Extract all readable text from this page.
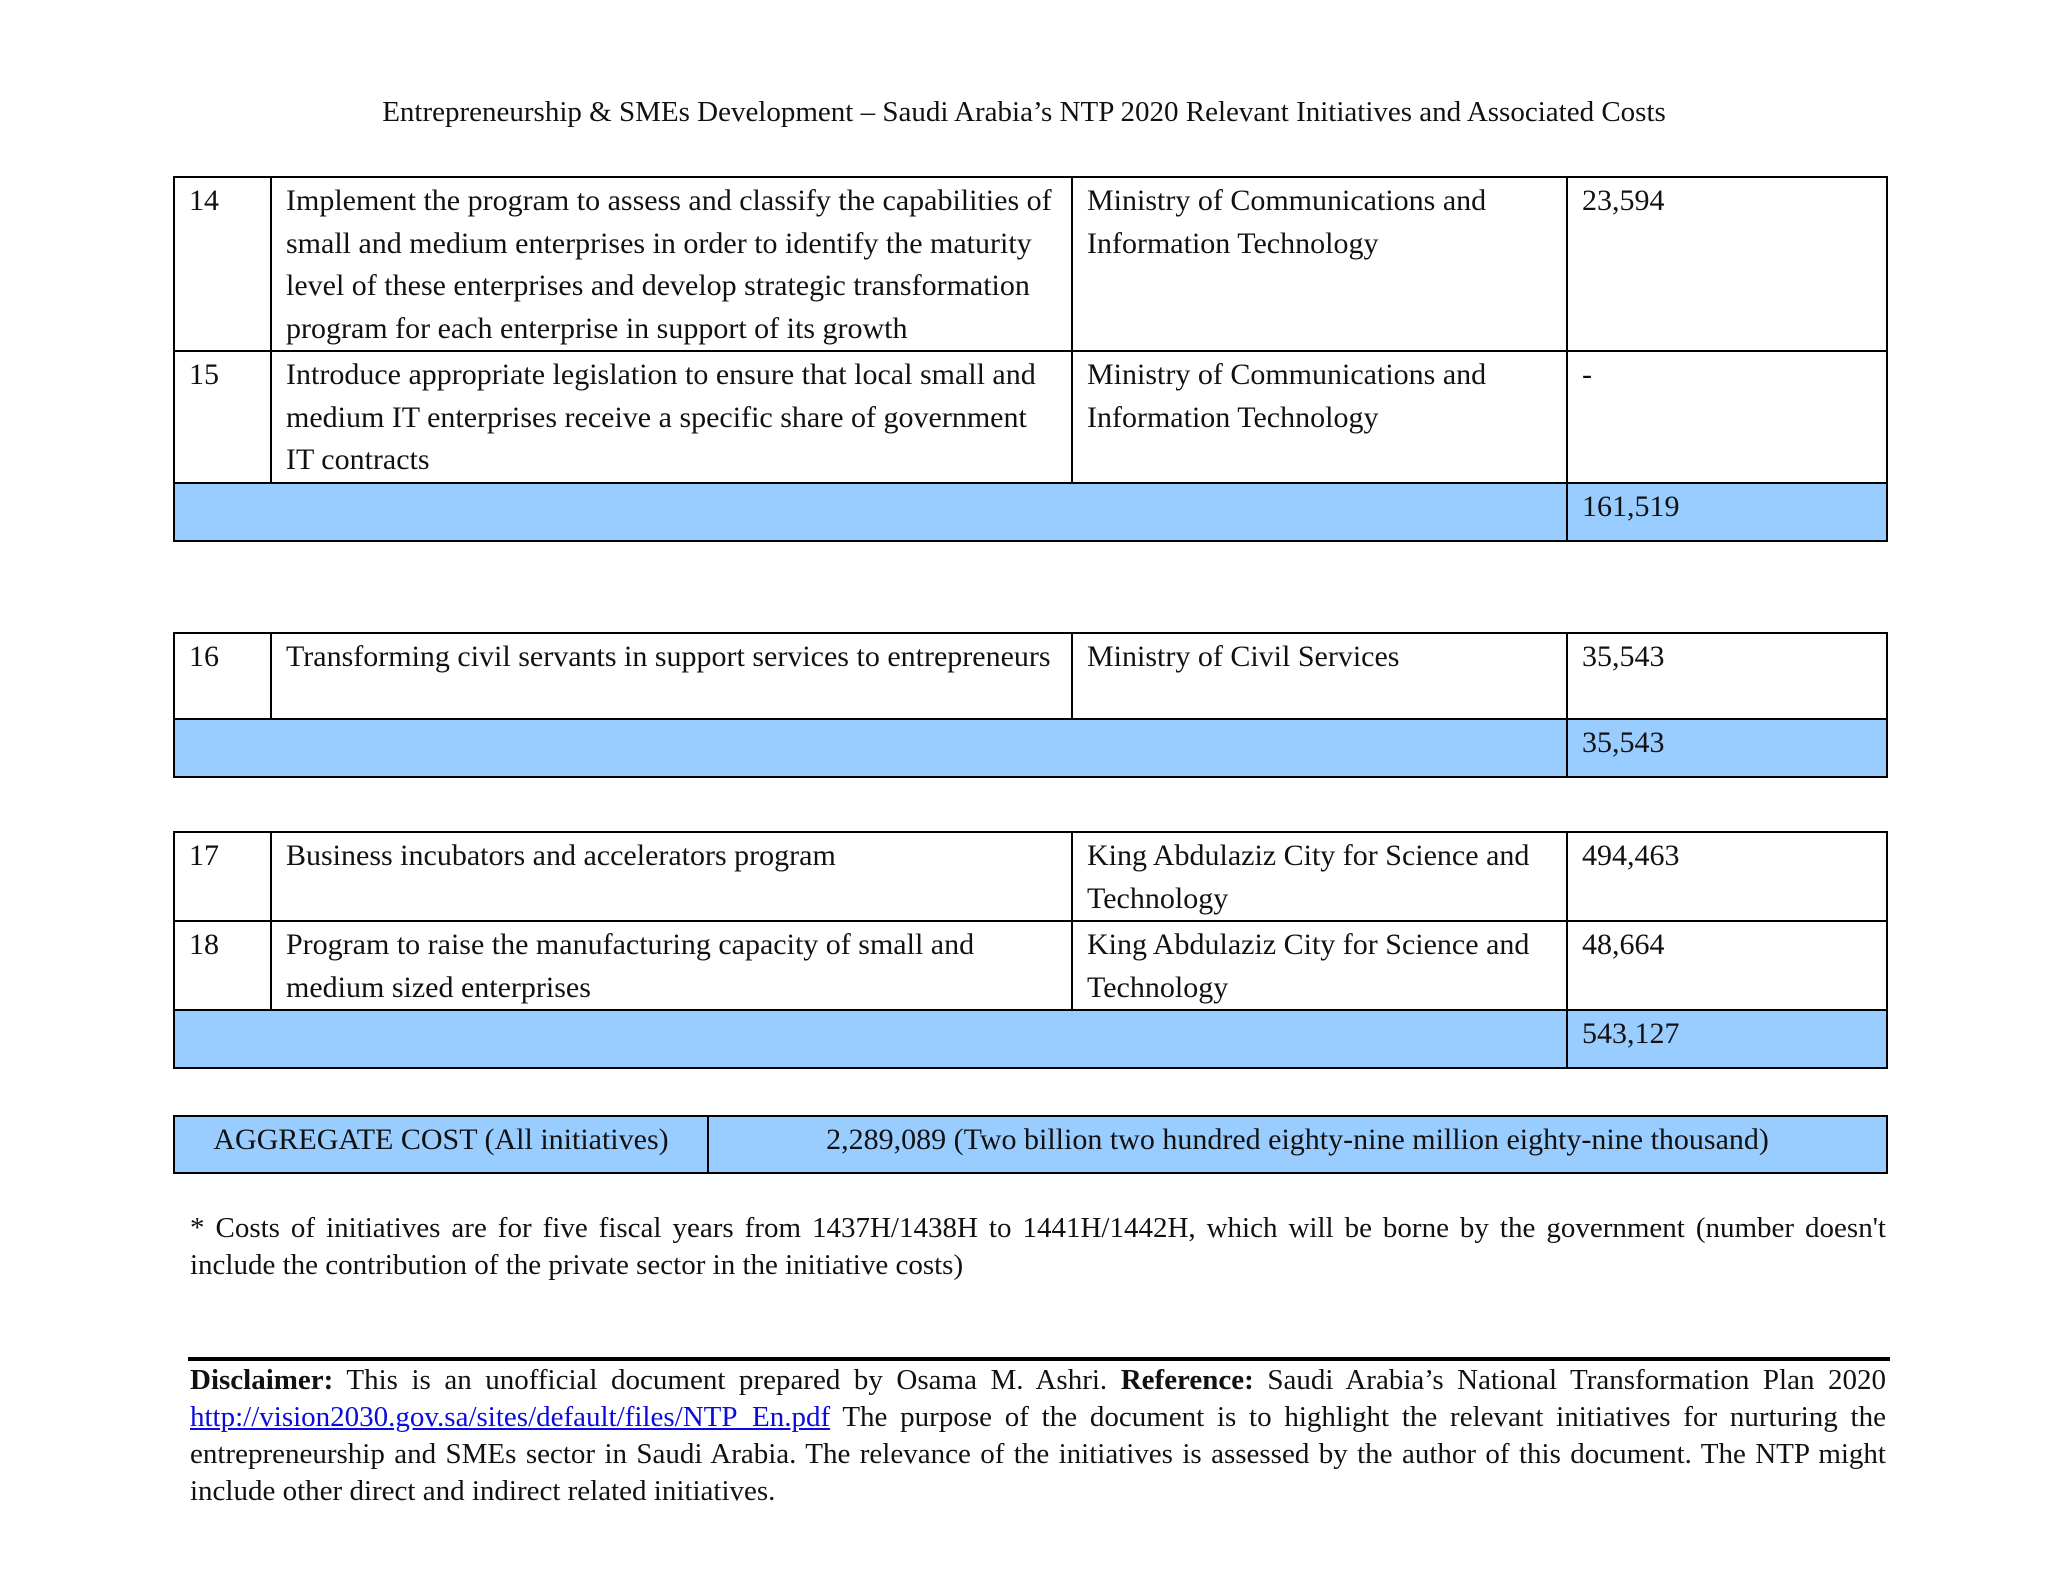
Entrepreneurship & SMEs Development – Saudi Arabia’s NTP 2020 Relevant Initiatives and Associated Costs
14	Implement the program to assess and classify the capabilities of small and medium enterprises in order to identify the maturity level of these enterprises and develop strategic transformation program for each enterprise in support of its growth	Ministry of Communications and Information Technology	23,594
15	Introduce appropriate legislation to ensure that local small and medium IT enterprises receive a specific share of government IT contracts	Ministry of Communications and Information Technology	-
			161,519
16	Transforming civil servants in support services to entrepreneurs	Ministry of Civil Services	35,543
			35,543
17	Business incubators and accelerators program	King Abdulaziz City for Science and Technology	494,463
18	Program to raise the manufacturing capacity of small and medium sized enterprises	King Abdulaziz City for Science and Technology	48,664
			543,127
AGGREGATE COST (All initiatives)	2,289,089 (Two billion two hundred eighty-nine million eighty-nine thousand)
* Costs of initiatives are for five fiscal years from 1437H/1438H to 1441H/1442H, which will be borne by the government (number doesn't include the contribution of the private sector in the initiative costs)
Disclaimer: This is an unofficial document prepared by Osama M. Ashri. Reference: Saudi Arabia’s National Transformation Plan 2020 http://vision2030.gov.sa/sites/default/files/NTP_En.pdf The purpose of the document is to highlight the relevant initiatives for nurturing the entrepreneurship and SMEs sector in Saudi Arabia. The relevance of the initiatives is assessed by the author of this document. The NTP might include other direct and indirect related initiatives.
